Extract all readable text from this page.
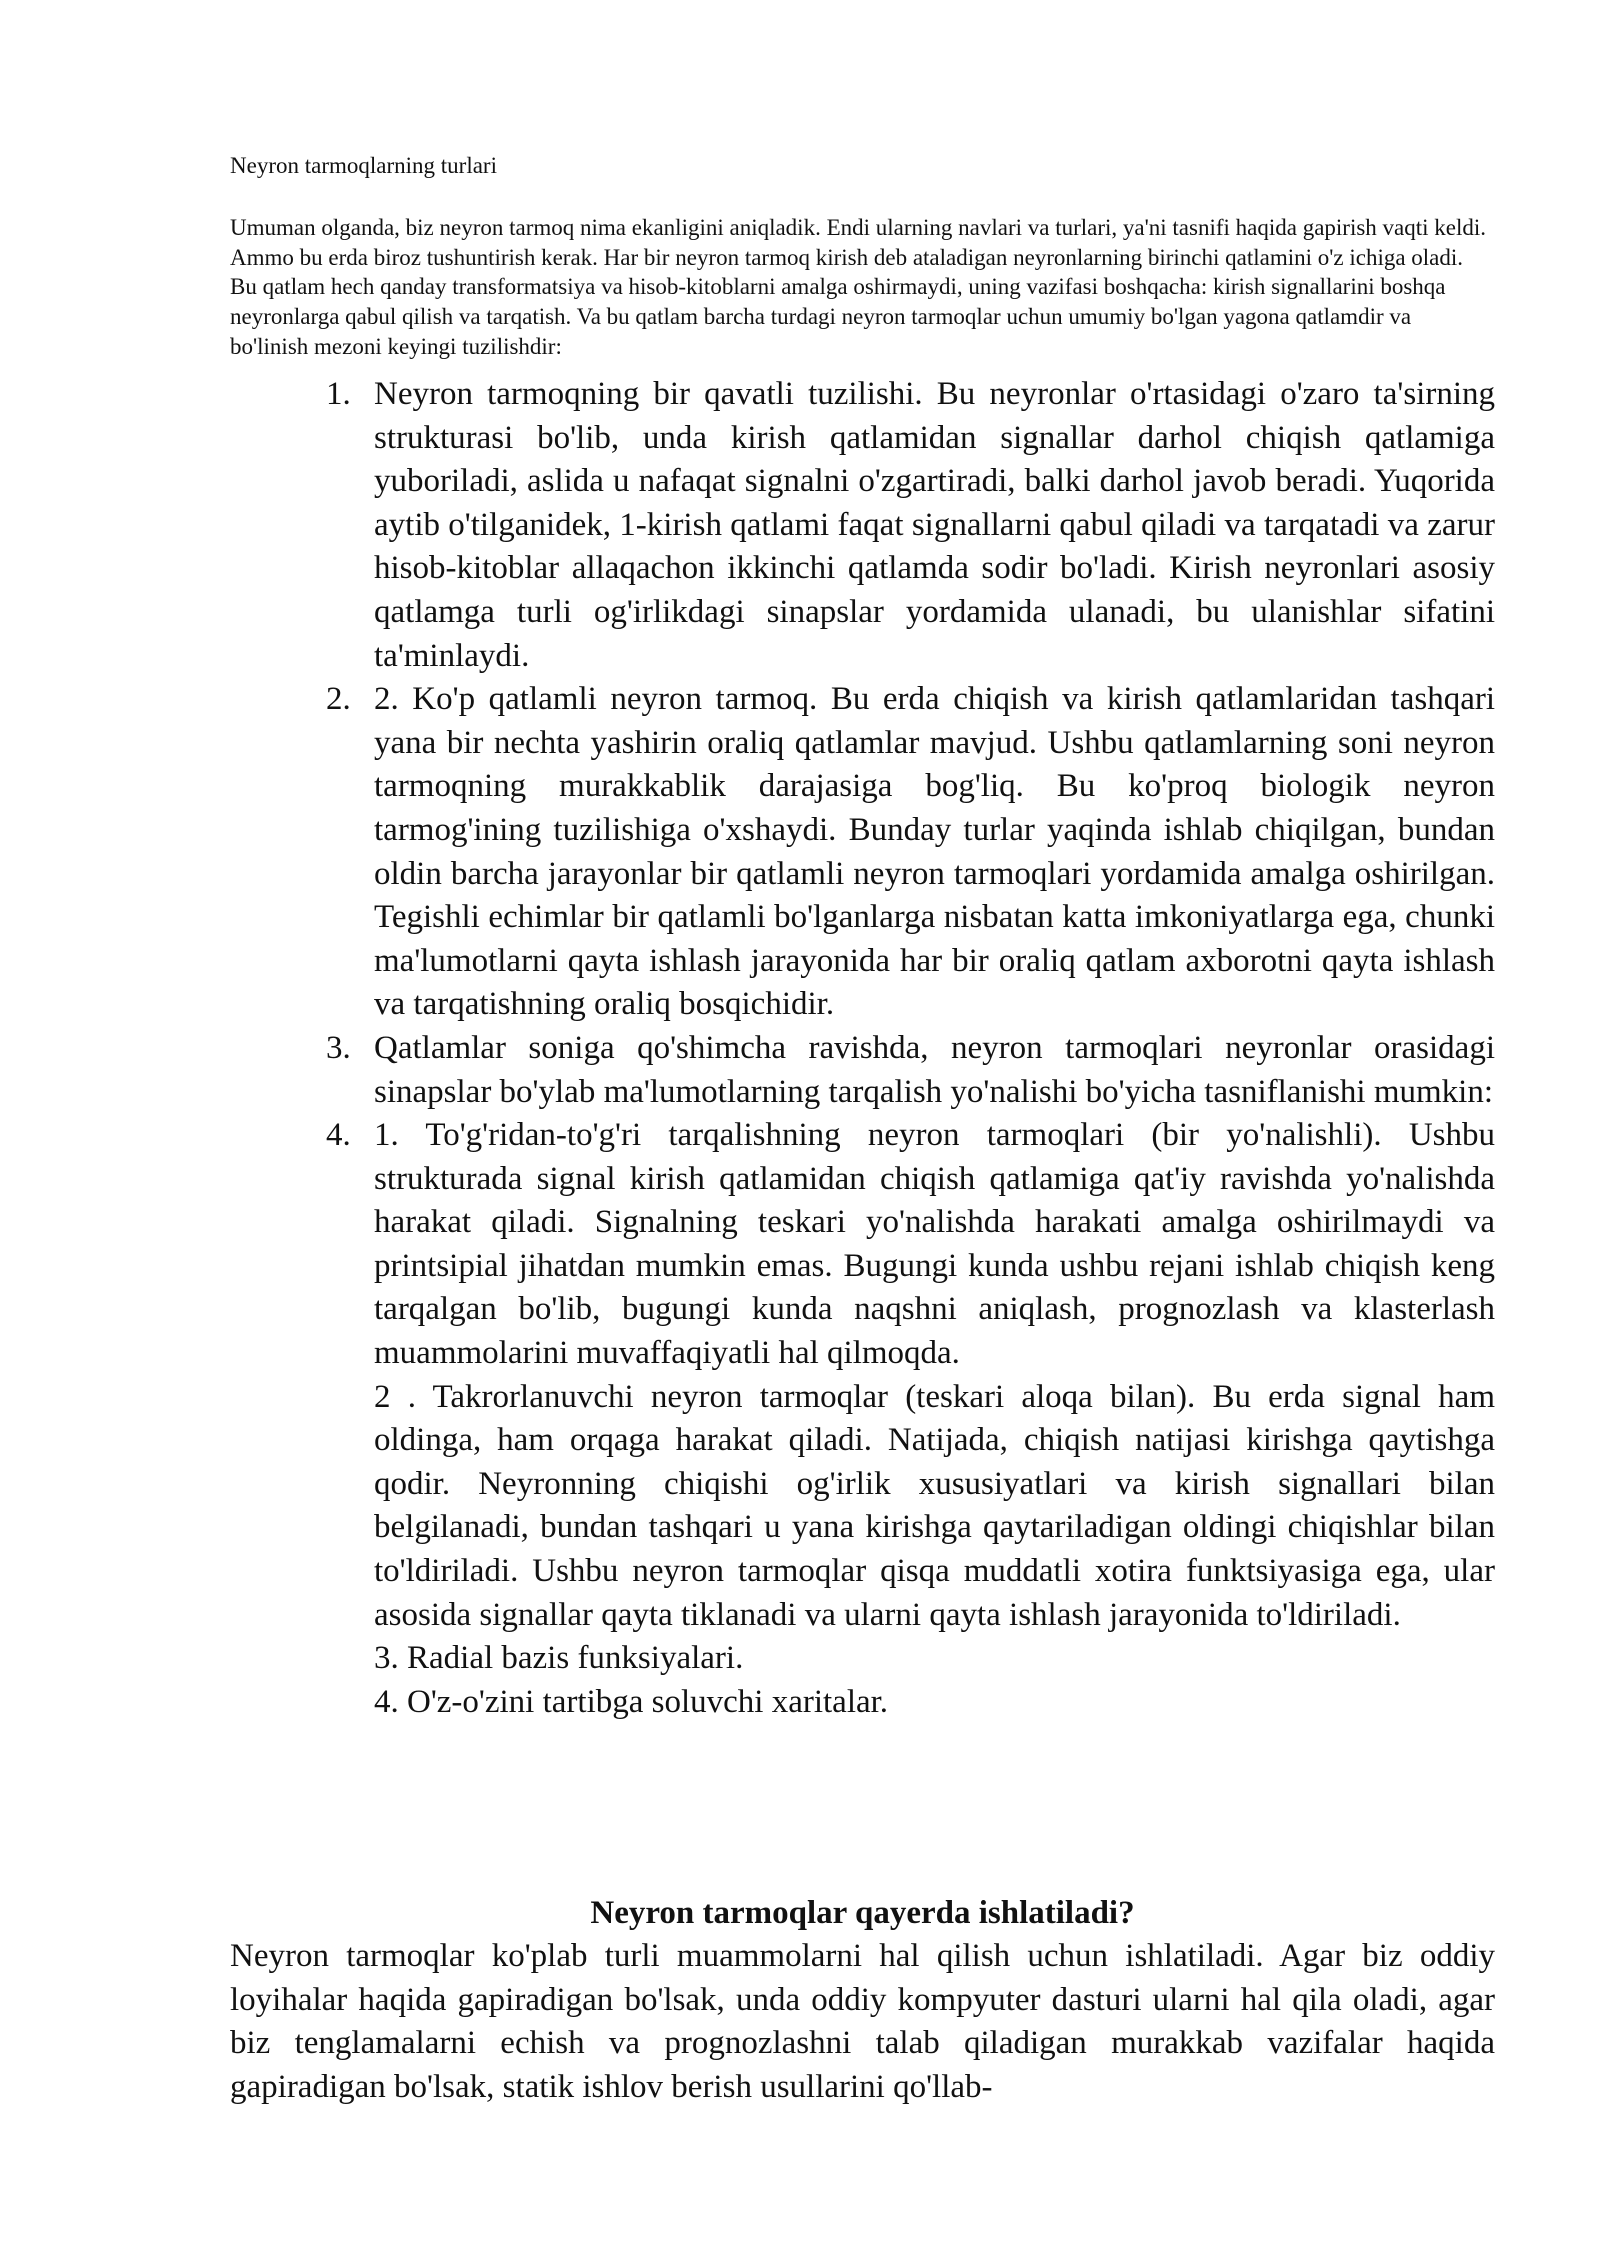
Neyron tarmoqlarning turlari

Umuman olganda, biz neyron tarmoq nima ekanligini aniqladik. Endi ularning navlari va turlari, ya'ni tasnifi haqida gapirish vaqti keldi. Ammo bu erda biroz tushuntirish kerak. Har bir neyron tarmoq kirish deb ataladigan neyronlarning birinchi qatlamini o'z ichiga oladi. Bu qatlam hech qanday transformatsiya va hisob-kitoblarni amalga oshirmaydi, uning vazifasi boshqacha: kirish signallarini boshqa neyronlarga qabul qilish va tarqatish. Va bu qatlam barcha turdagi neyron tarmoqlar uchun umumiy bo'lgan yagona qatlamdir va bo'linish mezoni keyingi tuzilishdir:

1. Neyron tarmoqning bir qavatli tuzilishi. Bu neyronlar o'rtasidagi o'zaro ta'sirning strukturasi bo'lib, unda kirish qatlamidan signallar darhol chiqish qatlamiga yuboriladi, aslida u nafaqat signalni o'zgartiradi, balki darhol javob beradi. Yuqorida aytib o'tilganidek, 1-kirish qatlami faqat signallarni qabul qiladi va tarqatadi va zarur hisob-kitoblar allaqachon ikkinchi qatlamda sodir bo'ladi. Kirish neyronlari asosiy qatlamga turli og'irlikdagi sinapslar yordamida ulanadi, bu ulanishlar sifatini ta'minlaydi.
2. 2. Ko'p qatlamli neyron tarmoq. Bu erda chiqish va kirish qatlamlaridan tashqari yana bir nechta yashirin oraliq qatlamlar mavjud. Ushbu qatlamlarning soni neyron tarmoqning murakkablik darajasiga bog'liq. Bu ko'proq biologik neyron tarmog'ining tuzilishiga o'xshaydi. Bunday turlar yaqinda ishlab chiqilgan, bundan oldin barcha jarayonlar bir qatlamli neyron tarmoqlari yordamida amalga oshirilgan. Tegishli echimlar bir qatlamli bo'lganlarga nisbatan katta imkoniyatlarga ega, chunki ma'lumotlarni qayta ishlash jarayonida har bir oraliq qatlam axborotni qayta ishlash va tarqatishning oraliq bosqichidir.
3. Qatlamlar soniga qo'shimcha ravishda, neyron tarmoqlari neyronlar orasidagi sinapslar bo'ylab ma'lumotlarning tarqalish yo'nalishi bo'yicha tasniflanishi mumkin:
4. 1. To'g'ridan-to'g'ri tarqalishning neyron tarmoqlari (bir yo'nalishli). Ushbu strukturada signal kirish qatlamidan chiqish qatlamiga qat'iy ravishda yo'nalishda harakat qiladi. Signalning teskari yo'nalishda harakati amalga oshirilmaydi va printsipial jihatdan mumkin emas. Bugungi kunda ushbu rejani ishlab chiqish keng tarqalgan bo'lib, bugungi kunda naqshni aniqlash, prognozlash va klasterlash muammolarini muvaffaqiyatli hal qilmoqda.
2 . Takrorlanuvchi neyron tarmoqlar (teskari aloqa bilan). Bu erda signal ham oldinga, ham orqaga harakat qiladi. Natijada, chiqish natijasi kirishga qaytishga qodir. Neyronning chiqishi og'irlik xususiyatlari va kirish signallari bilan belgilanadi, bundan tashqari u yana kirishga qaytariladigan oldingi chiqishlar bilan to'ldiriladi. Ushbu neyron tarmoqlar qisqa muddatli xotira funktsiyasiga ega, ular asosida signallar qayta tiklanadi va ularni qayta ishlash jarayonida to'ldiriladi.
3. Radial bazis funksiyalari.
4. O'z-o'zini tartibga soluvchi xaritalar.
Neyron tarmoqlar qayerda ishlatiladi?

Neyron tarmoqlar ko'plab turli muammolarni hal qilish uchun ishlatiladi. Agar biz oddiy loyihalar haqida gapiradigan bo'lsak, unda oddiy kompyuter dasturi ularni hal qila oladi, agar biz tenglamalarni echish va prognozlashni talab qiladigan murakkab vazifalar haqida gapiradigan bo'lsak, statik ishlov berish usullarini qo'llab-
